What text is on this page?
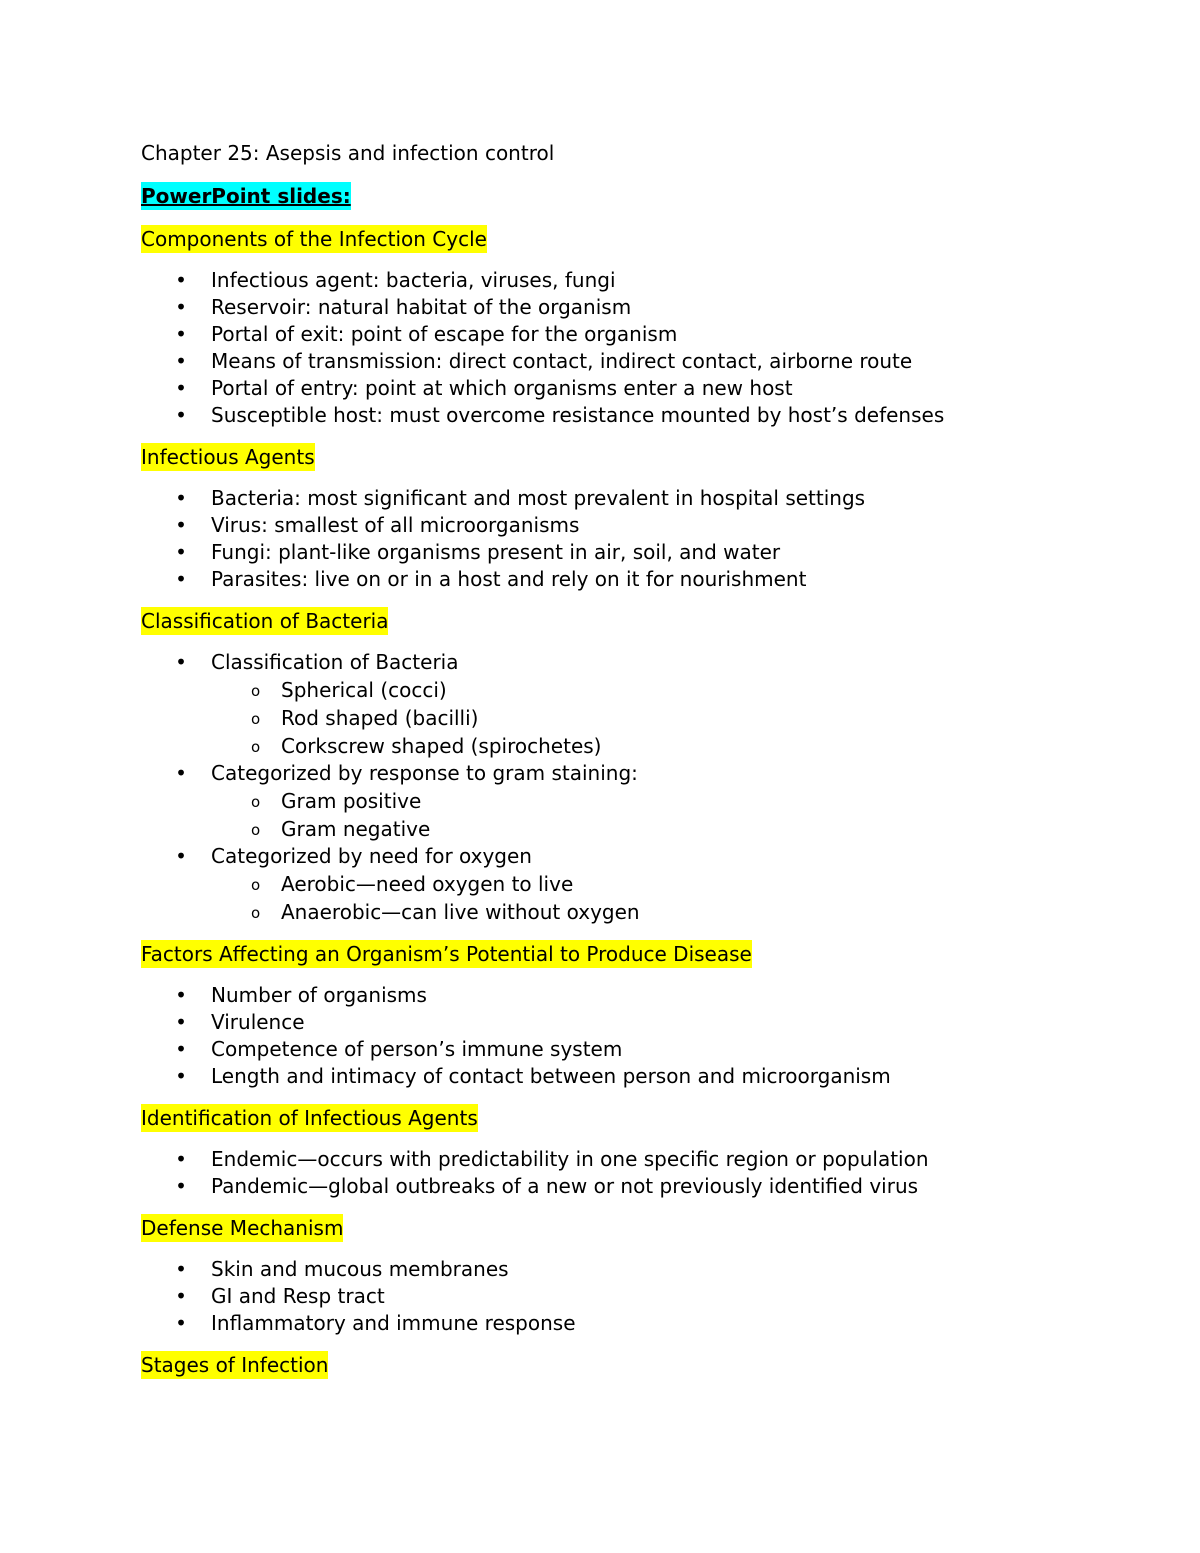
Chapter 25: Asepsis and infection control
PowerPoint slides:
Components of the Infection Cycle
• Infectious agent: bacteria, viruses, fungi
• Reservoir: natural habitat of the organism
• Portal of exit: point of escape for the organism
• Means of transmission: direct contact, indirect contact, airborne route
• Portal of entry: point at which organisms enter a new host
• Susceptible host: must overcome resistance mounted by host’s defenses
Infectious Agents
• Bacteria: most significant and most prevalent in hospital settings
• Virus: smallest of all microorganisms
• Fungi: plant-like organisms present in air, soil, and water
• Parasites: live on or in a host and rely on it for nourishment
Classification of Bacteria
• Classification of Bacteria
o Spherical (cocci)
o Rod shaped (bacilli)
o Corkscrew shaped (spirochetes)
• Categorized by response to gram staining:
o Gram positive
o Gram negative
• Categorized by need for oxygen
o Aerobic—need oxygen to live
o Anaerobic—can live without oxygen
Factors Affecting an Organism’s Potential to Produce Disease
• Number of organisms
• Virulence
• Competence of person’s immune system
• Length and intimacy of contact between person and microorganism
Identification of Infectious Agents
• Endemic—occurs with predictability in one specific region or population
• Pandemic—global outbreaks of a new or not previously identified virus
Defense Mechanism
• Skin and mucous membranes
• GI and Resp tract
• Inflammatory and immune response
Stages of Infection
